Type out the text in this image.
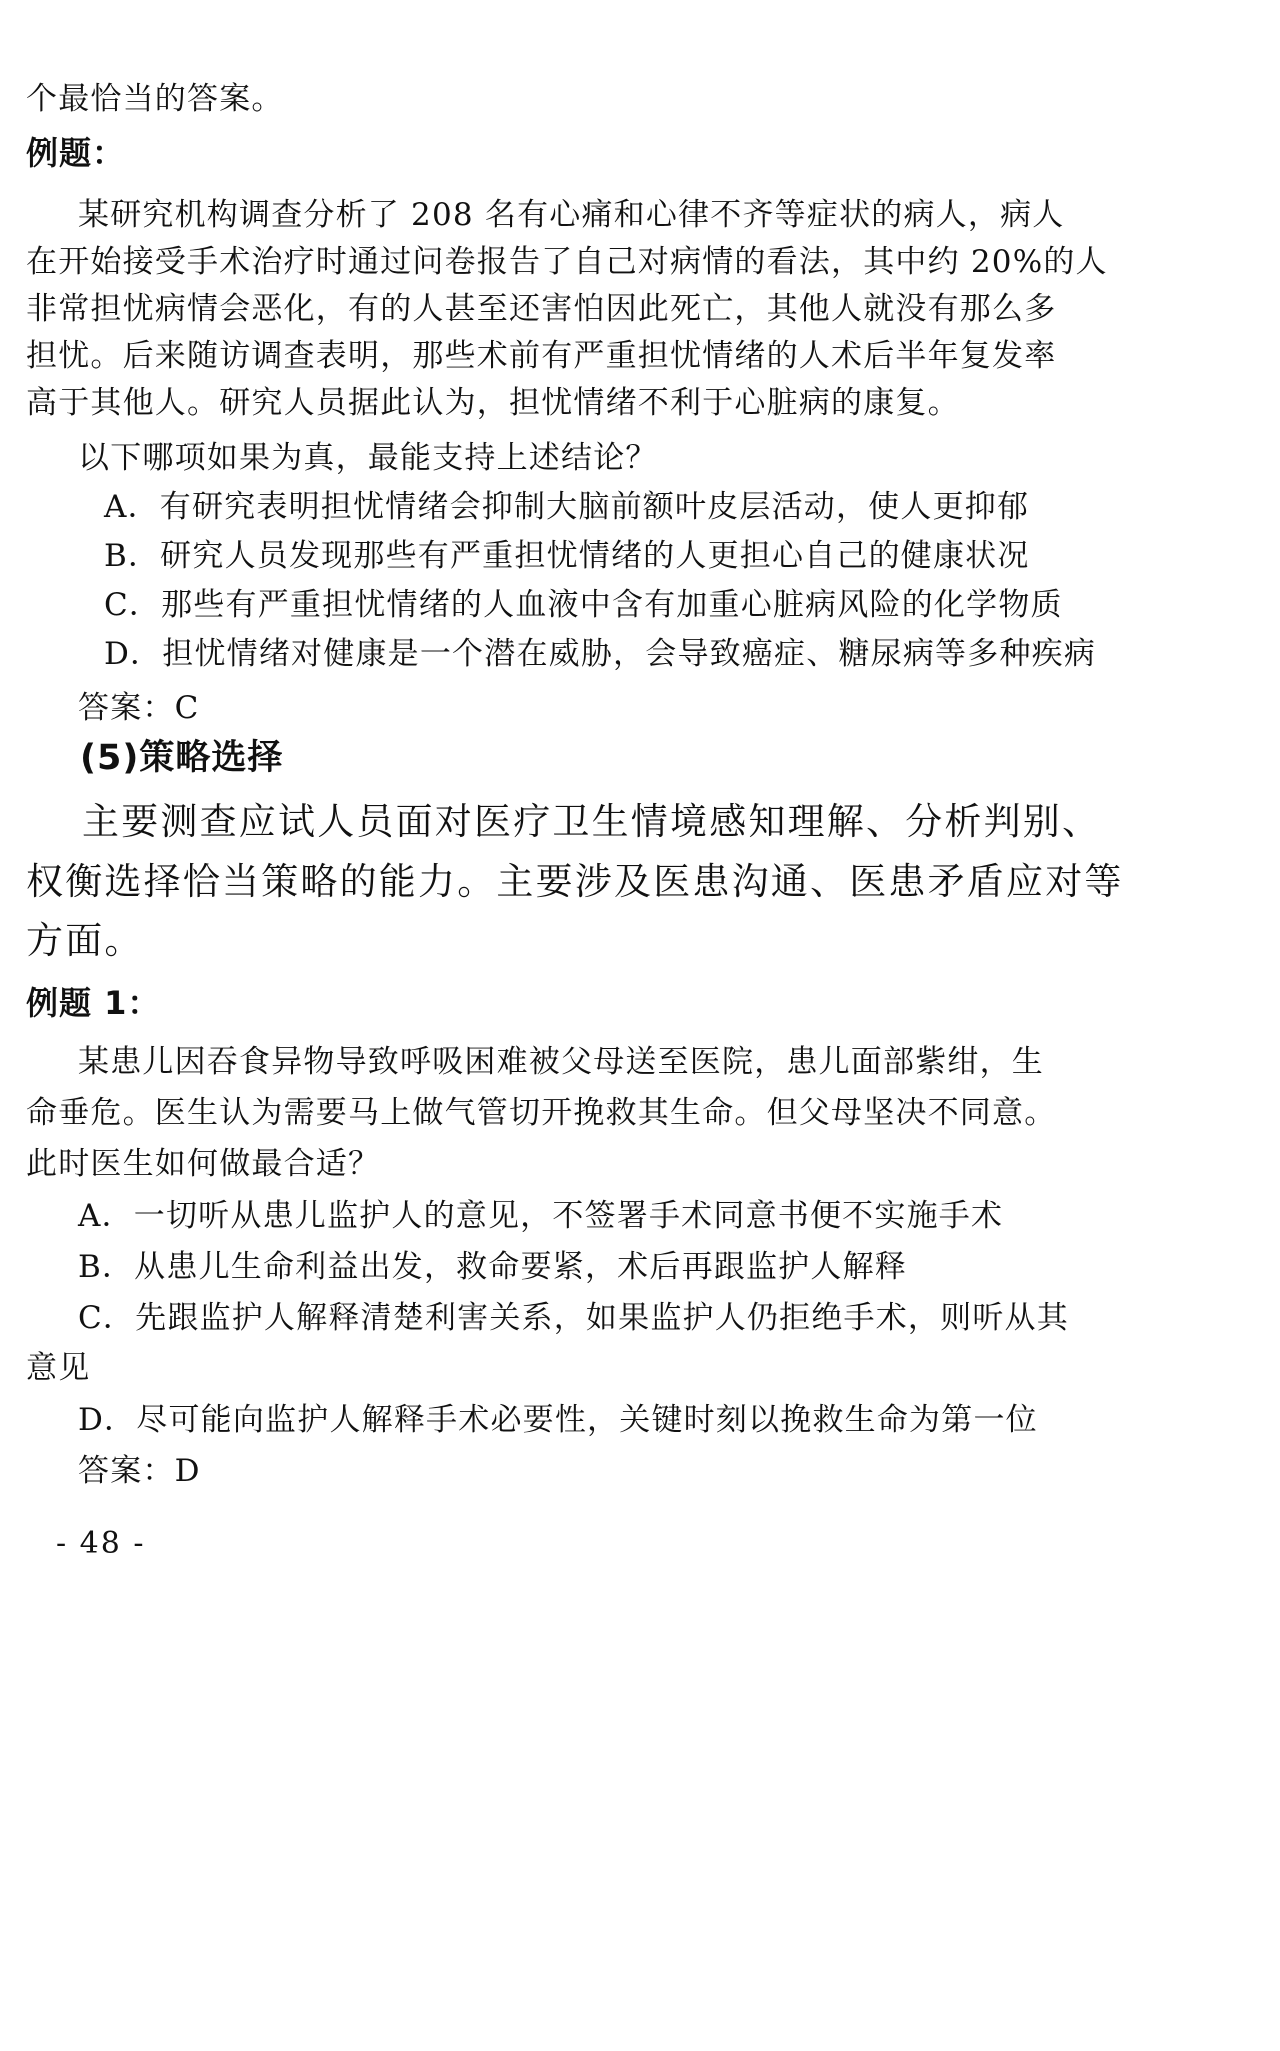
个最恰当的答案。
例题：
某研究机构调查分析了 208 名有心痛和心律不齐等症状的病人，病人
在开始接受手术治疗时通过问卷报告了自己对病情的看法，其中约 20%的人
非常担忧病情会恶化，有的人甚至还害怕因此死亡，其他人就没有那么多
担忧。后来随访调查表明，那些术前有严重担忧情绪的人术后半年复发率
高于其他人。研究人员据此认为，担忧情绪不利于心脏病的康复。
以下哪项如果为真，最能支持上述结论？
A．有研究表明担忧情绪会抑制大脑前额叶皮层活动，使人更抑郁
B．研究人员发现那些有严重担忧情绪的人更担心自己的健康状况
C．那些有严重担忧情绪的人血液中含有加重心脏病风险的化学物质
D．担忧情绪对健康是一个潜在威胁，会导致癌症、糖尿病等多种疾病
答案：C
(5)策略选择
主要测查应试人员面对医疗卫生情境感知理解、分析判别、
权衡选择恰当策略的能力。主要涉及医患沟通、医患矛盾应对等
方面。
例题 1：
某患儿因吞食异物导致呼吸困难被父母送至医院，患儿面部紫绀，生
命垂危。医生认为需要马上做气管切开挽救其生命。但父母坚决不同意。
此时医生如何做最合适？
A．一切听从患儿监护人的意见，不签署手术同意书便不实施手术
B．从患儿生命利益出发，救命要紧，术后再跟监护人解释
C．先跟监护人解释清楚利害关系，如果监护人仍拒绝手术，则听从其
意见
D．尽可能向监护人解释手术必要性，关键时刻以挽救生命为第一位
答案：D
- 48 -
